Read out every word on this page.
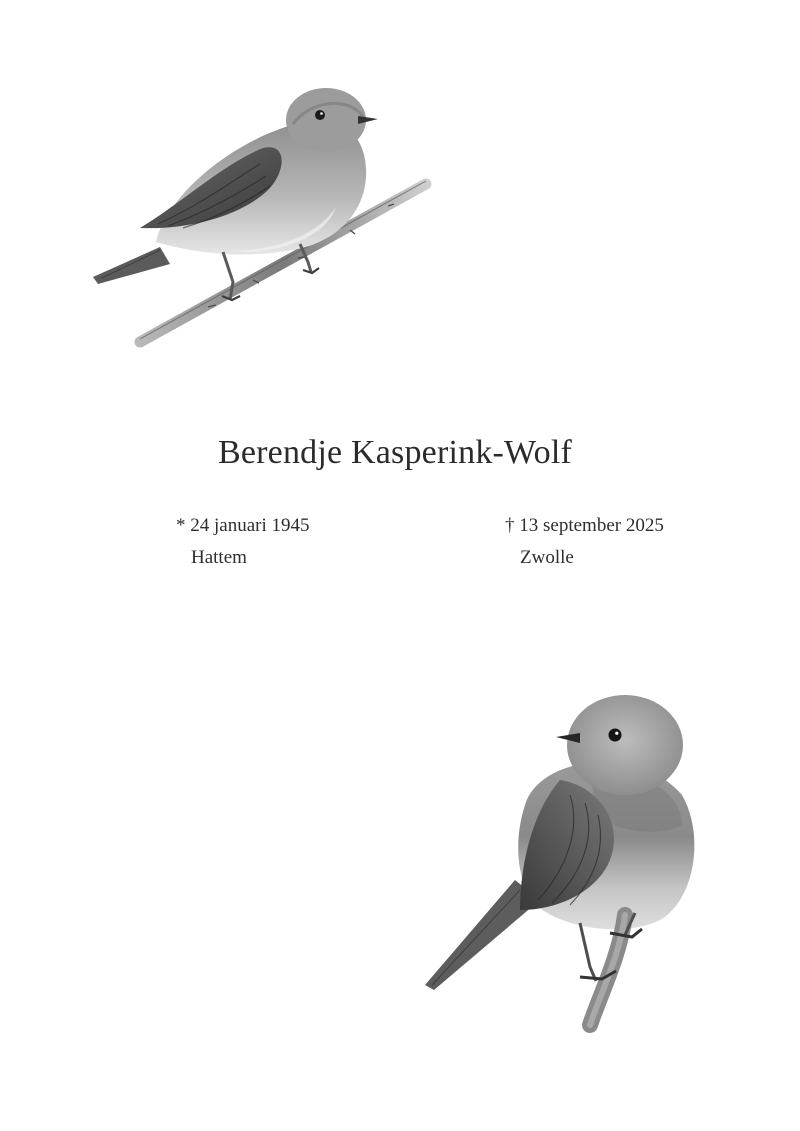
Berendje Kasperink-Wolf
* 24 januari 1945
Hattem
† 13 september 2025
Zwolle
